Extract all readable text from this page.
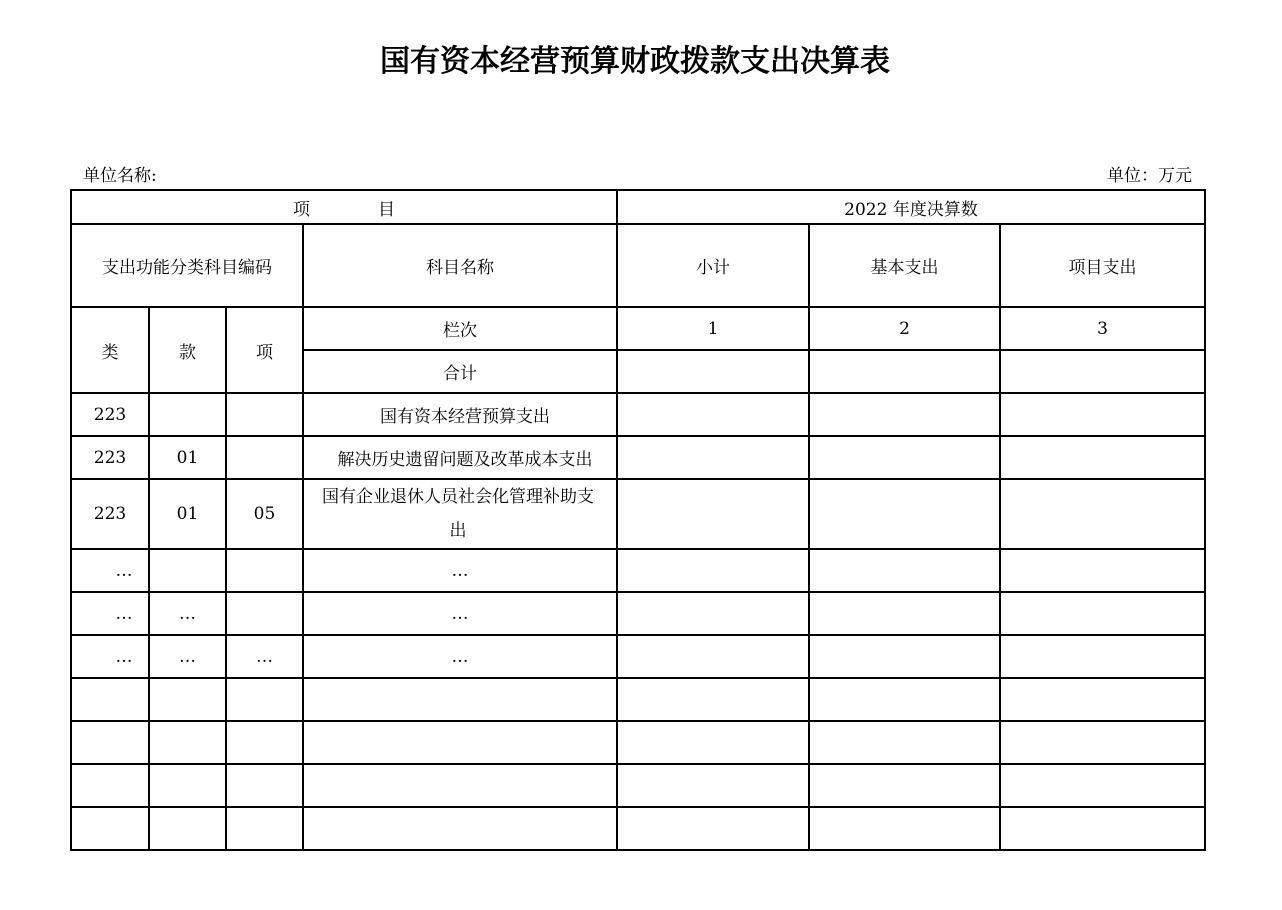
国有资本经营预算财政拨款支出决算表
单位名称:	单位：万元
项　　　　目				2022 年度决算数		
支出功能分类科目编码			科目名称	小计	基本支出	项目支出
类	款	项	栏次	1	2	3
			合计			
223			国有资本经营预算支出			
223	01		解决历史遗留问题及改革成本支出			
223	01	05	国有企业退休人员社会化管理补助支出			
…			…			
…	…		…			
…	…	…	…			
